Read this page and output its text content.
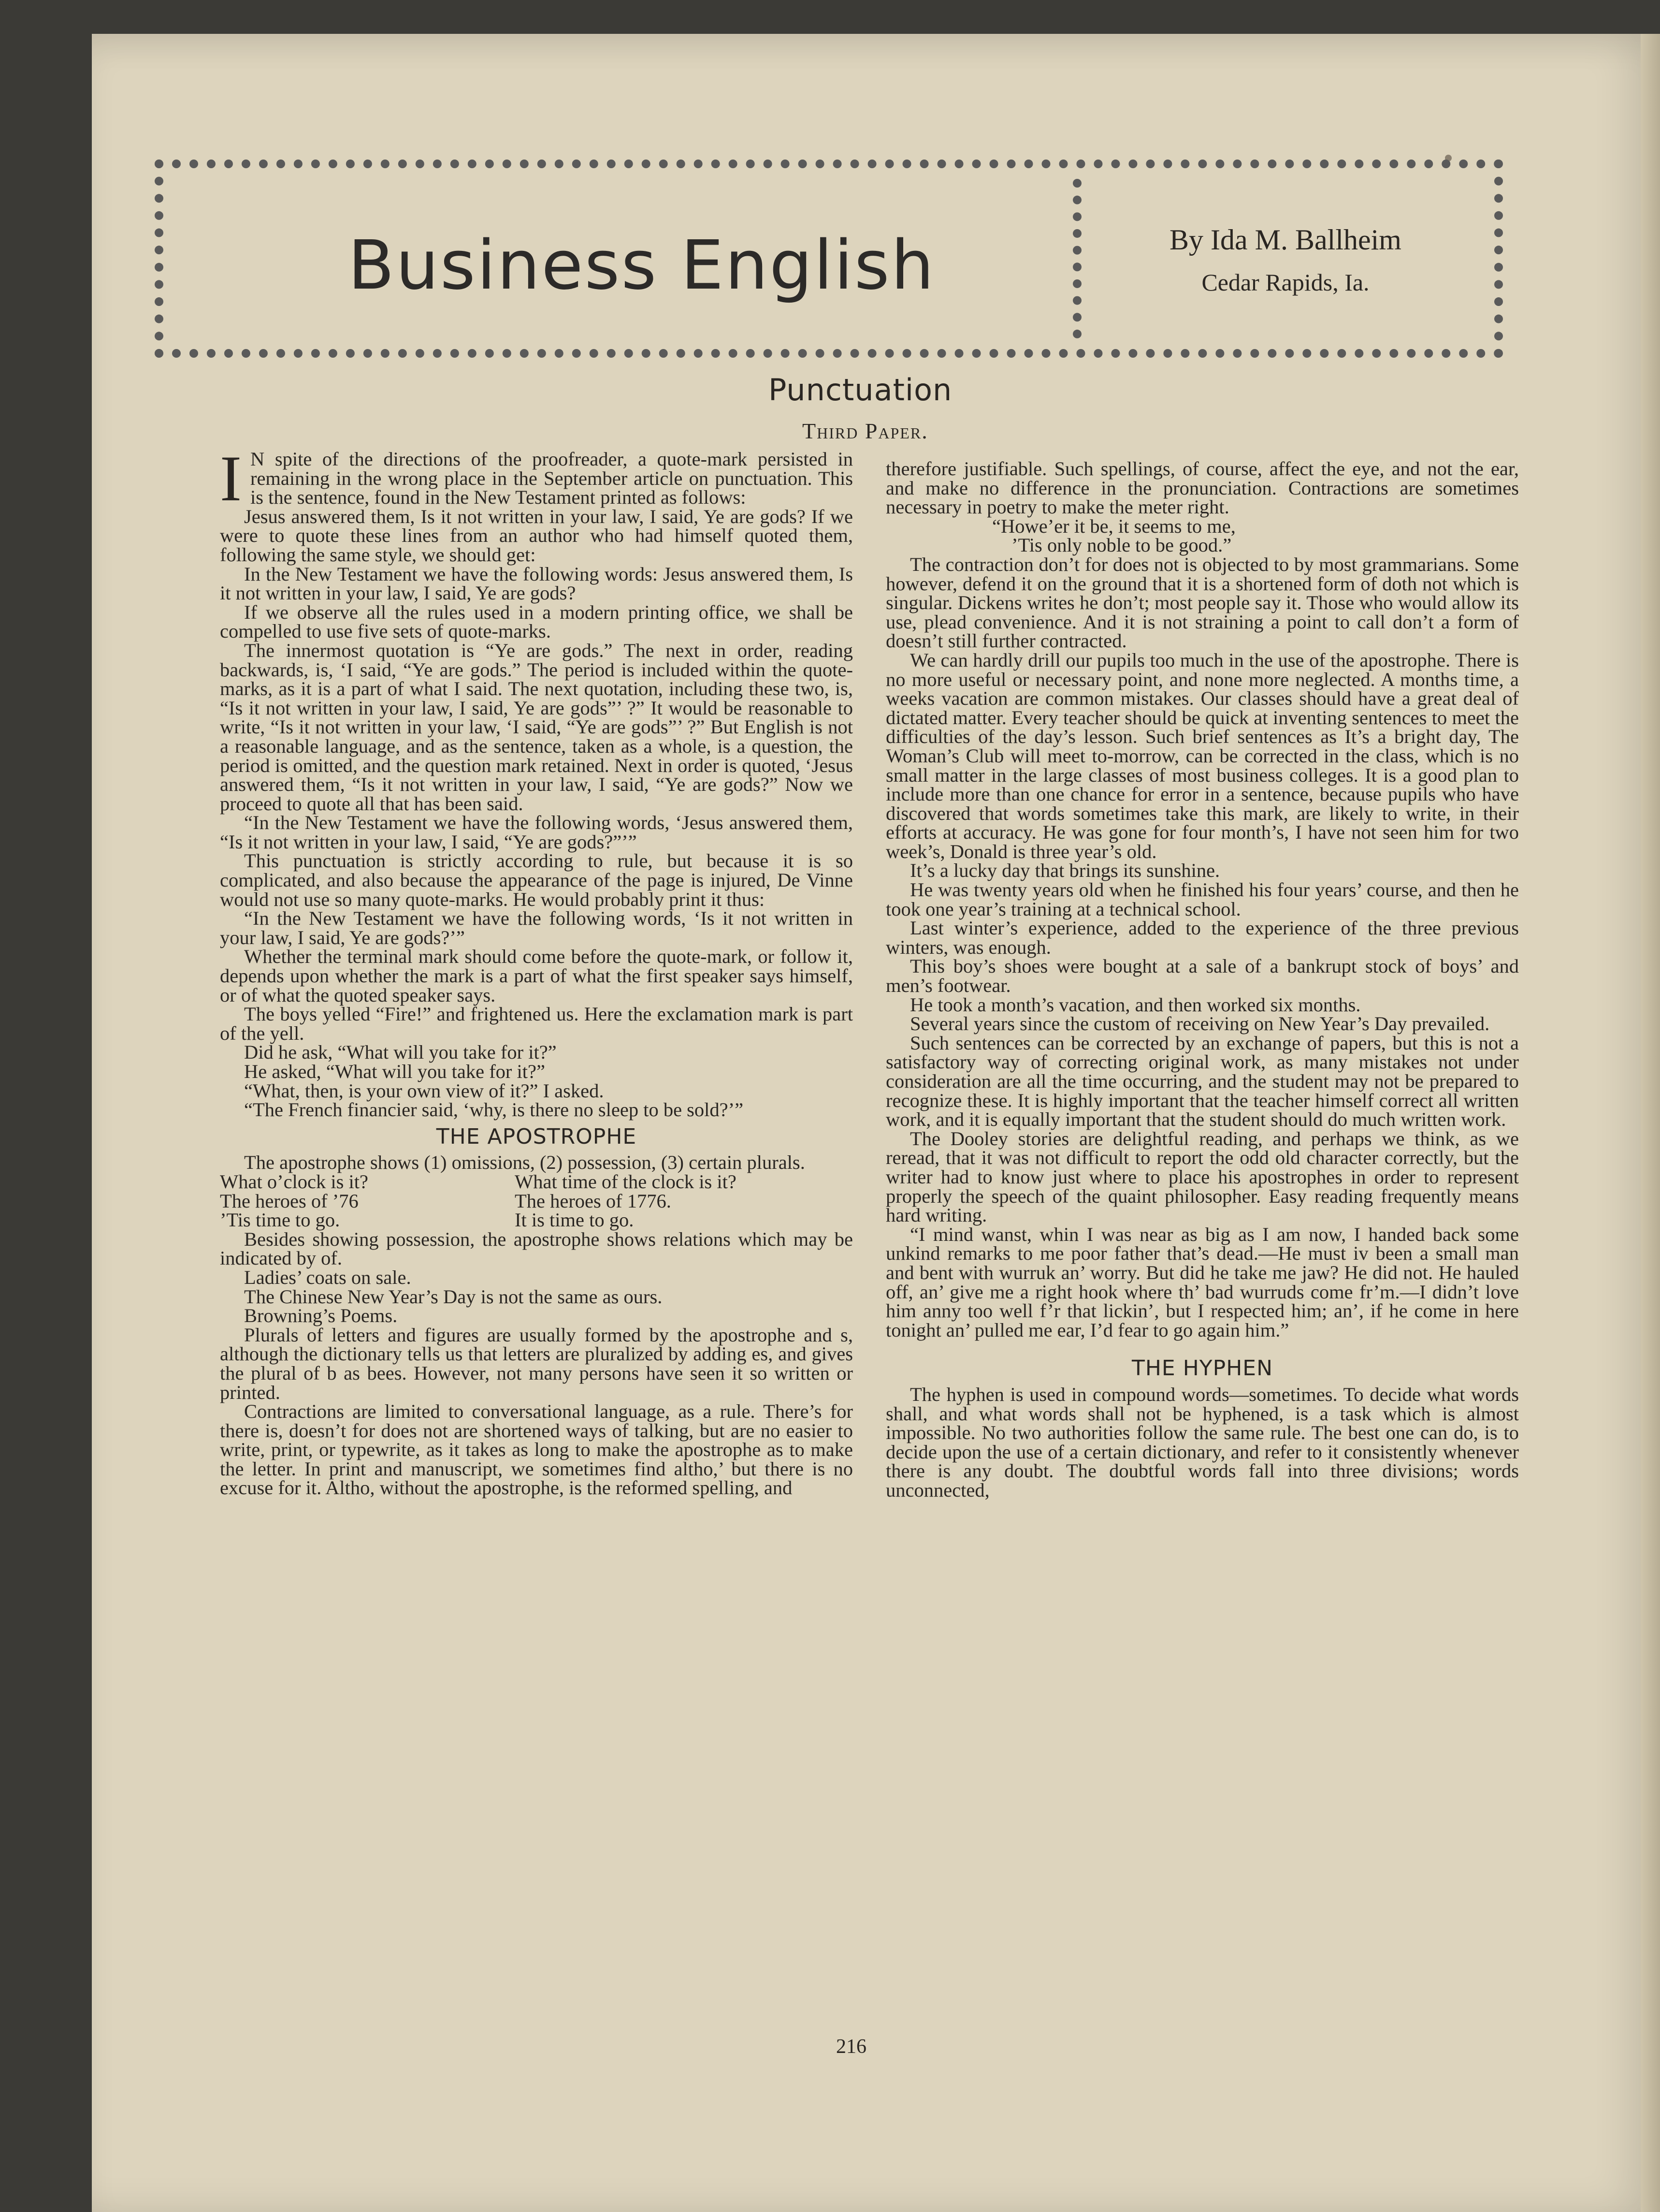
Business English	By Ida M. Ballheim
Cedar Rapids, Ia.
Punctuation
Third Paper.

I N spite of the directions of the proofreader, a quote-mark persisted in remaining in the wrong place in the September article on punctuation. This is the sentence, found in the New Testament printed as follows:

Jesus answered them, Is it not written in your law, I said, Ye are gods? If we were to quote these lines from an author who had himself quoted them, following the same style, we should get:

In the New Testament we have the following words: Jesus answered them, Is it not written in your law, I said, Ye are gods?

If we observe all the rules used in a modern printing office, we shall be compelled to use five sets of quote-marks.

The innermost quotation is “Ye are gods.” The next in order, reading backwards, is, ‘I said, “Ye are gods.” The period is included within the quote-marks, as it is a part of what I said. The next quotation, including these two, is, “Is it not written in your law, I said, Ye are gods”’ ?” It would be reasonable to write, “Is it not written in your law, ‘I said, “Ye are gods”’ ?” But English is not a reasonable language, and as the sentence, taken as a whole, is a question, the period is omitted, and the question mark retained. Next in order is quoted, ‘Jesus answered them, “Is it not written in your law, I said, “Ye are gods?” Now we proceed to quote all that has been said.

“In the New Testament we have the following words, ‘Jesus answered them, “Is it not written in your law, I said, “Ye are gods?”’”

This punctuation is strictly according to rule, but because it is so complicated, and also because the appearance of the page is injured, De Vinne would not use so many quote-marks. He would probably print it thus:

“In the New Testament we have the following words, ‘Is it not written in your law, I said, Ye are gods?’”

Whether the terminal mark should come before the quote-mark, or follow it, depends upon whether the mark is a part of what the first speaker says himself, or of what the quoted speaker says.

The boys yelled “Fire!” and frightened us. Here the exclamation mark is part of the yell.

Did he ask, “What will you take for it?”

He asked, “What will you take for it?”

“What, then, is your own view of it?” I asked.

“The French financier said, ‘why, is there no sleep to be sold?’”

THE APOSTROPHE

The apostrophe shows (1) omissions, (2) possession, (3) certain plurals.

What o’clock is it?	What time of the clock is it?
The heroes of ’76	The heroes of 1776.
’Tis time to go.	It is time to go.

Besides showing possession, the apostrophe shows relations which may be indicated by of.

Ladies’ coats on sale.

The Chinese New Year’s Day is not the same as ours.

Browning’s Poems.

Plurals of letters and figures are usually formed by the apostrophe and s, although the dictionary tells us that letters are pluralized by adding es, and gives the plural of b as bees. However, not many persons have seen it so written or printed.

Contractions are limited to conversational language, as a rule. There’s for there is, doesn’t for does not are shortened ways of talking, but are no easier to write, print, or typewrite, as it takes as long to make the apostrophe as to make the letter. In print and manuscript, we sometimes find altho,’ but there is no excuse for it. Altho, without the apostrophe, is the reformed spelling, and

therefore justifiable. Such spellings, of course, affect the eye, and not the ear, and make no difference in the pronunciation. Contractions are sometimes necessary in poetry to make the meter right.

“Howe’er it be, it seems to me,

’Tis only noble to be good.”

The contraction don’t for does not is objected to by most grammarians. Some however, defend it on the ground that it is a shortened form of doth not which is singular. Dickens writes he don’t; most people say it. Those who would allow its use, plead convenience. And it is not straining a point to call don’t a form of doesn’t still further contracted.

We can hardly drill our pupils too much in the use of the apostrophe. There is no more useful or necessary point, and none more neglected. A months time, a weeks vacation are common mistakes. Our classes should have a great deal of dictated matter. Every teacher should be quick at inventing sentences to meet the difficulties of the day’s lesson. Such brief sentences as It’s a bright day, The Woman’s Club will meet to-morrow, can be corrected in the class, which is no small matter in the large classes of most business colleges. It is a good plan to include more than one chance for error in a sentence, because pupils who have discovered that words sometimes take this mark, are likely to write, in their efforts at accuracy. He was gone for four month’s, I have not seen him for two week’s, Donald is three year’s old.

It’s a lucky day that brings its sunshine.

He was twenty years old when he finished his four years’ course, and then he took one year’s training at a technical school.

Last winter’s experience, added to the experience of the three previous winters, was enough.

This boy’s shoes were bought at a sale of a bankrupt stock of boys’ and men’s footwear.

He took a month’s vacation, and then worked six months.

Several years since the custom of receiving on New Year’s Day prevailed.

Such sentences can be corrected by an exchange of papers, but this is not a satisfactory way of correcting original work, as many mistakes not under consideration are all the time occurring, and the student may not be prepared to recognize these. It is highly important that the teacher himself correct all written work, and it is equally important that the student should do much written work.

The Dooley stories are delightful reading, and perhaps we think, as we reread, that it was not difficult to report the odd old character correctly, but the writer had to know just where to place his apostrophes in order to represent properly the speech of the quaint philosopher. Easy reading frequently means hard writing.

“I mind wanst, whin I was near as big as I am now, I handed back some unkind remarks to me poor father that’s dead.—He must iv been a small man and bent with wurruk an’ worry. But did he take me jaw? He did not. He hauled off, an’ give me a right hook where th’ bad wurruds come fr’m.—I didn’t love him anny too well f’r that lickin’, but I respected him; an’, if he come in here tonight an’ pulled me ear, I’d fear to go again him.”

THE HYPHEN

The hyphen is used in compound words—sometimes. To decide what words shall, and what words shall not be hyphened, is a task which is almost impossible. No two authorities follow the same rule. The best one can do, is to decide upon the use of a certain dictionary, and refer to it consistently whenever there is any doubt. The doubtful words fall into three divisions; words unconnected,

216
